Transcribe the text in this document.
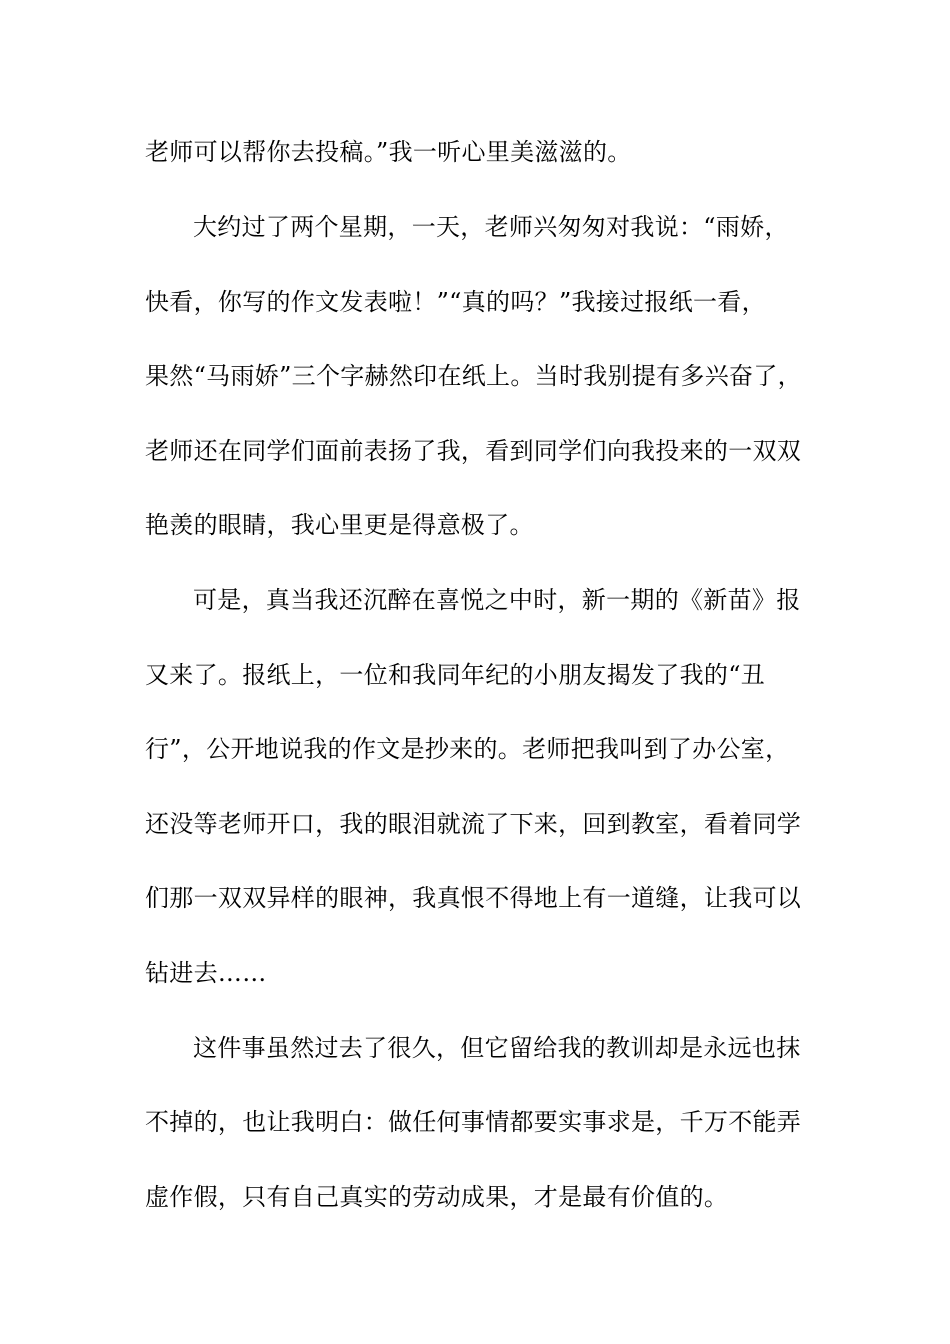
老师可以帮你去投稿。”我一听心里美滋滋的。
大约过了两个星期，一天，老师兴匆匆对我说：“雨娇，
快看，你写的作文发表啦！”“真的吗？”我接过报纸一看，
果然“马雨娇”三个字赫然印在纸上。当时我别提有多兴奋了，
老师还在同学们面前表扬了我，看到同学们向我投来的一双双
艳羡的眼睛，我心里更是得意极了。
可是，真当我还沉醉在喜悦之中时，新一期的《新苗》报
又来了。报纸上，一位和我同年纪的小朋友揭发了我的“丑
行”，公开地说我的作文是抄来的。老师把我叫到了办公室，
还没等老师开口，我的眼泪就流了下来，回到教室，看着同学
们那一双双异样的眼神，我真恨不得地上有一道缝，让我可以
钻进去……
这件事虽然过去了很久，但它留给我的教训却是永远也抹
不掉的，也让我明白：做任何事情都要实事求是，千万不能弄
虚作假，只有自己真实的劳动成果，才是最有价值的。
